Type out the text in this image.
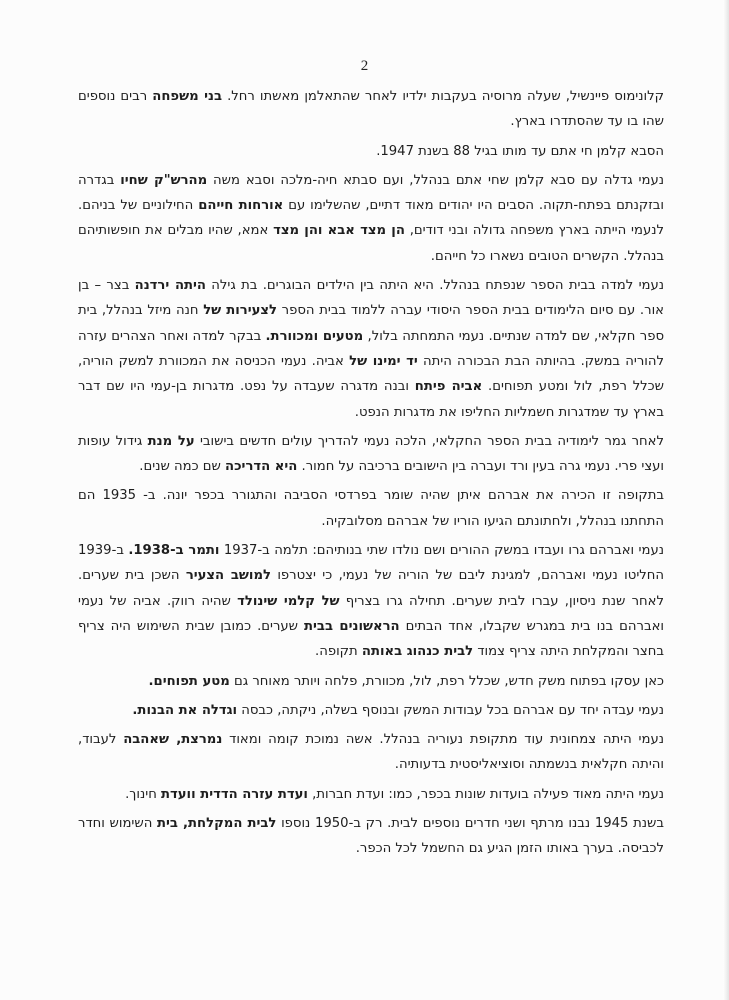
2

קלונימוס פיינשיל, שעלה מרוסיה בעקבות ילדיו לאחר שהתאלמן מאשתו רחל. בני משפחה רבים נוספים שהו בו עד שהסתדרו בארץ.

הסבא קלמן חי אתם עד מותו בגיל 88 בשנת 1947.

נעמי גדלה עם סבא קלמן שחי אתם בנהלל, ועם סבתא חיה-מלכה וסבא משה מהרש"ק שחיו בגדרה ובזקנתם בפתח-תקוה. הסבים היו יהודים מאוד דתיים, שהשלימו עם אורחות חייהם החילוניים של בניהם. לנעמי הייתה בארץ משפחה גדולה ובני דודים, הן מצד אבא והן מצד אמא, שהיו מבלים את חופשותיהם בנהלל. הקשרים הטובים נשארו כל חייהם.

נעמי למדה בבית הספר שנפתח בנהלל. היא היתה בין הילדים הבוגרים. בת גילה היתה ירדנה בצר – בן אור. עם סיום הלימודים בבית הספר היסודי עברה ללמוד בבית הספר לצעירות של חנה מיזל בנהלל, בית ספר חקלאי, שם למדה שנתיים. נעמי התמחתה בלול, מטעים ומכוורת. בבקר למדה ואחר הצהרים עזרה להוריה במשק. בהיותה הבת הבכורה היתה יד ימינו של אביה. נעמי הכניסה את המכוורת למשק הוריה, שכלל רפת, לול ומטע תפוחים. אביה פיתח ובנה מדגרה שעבדה על נפט. מדגרות בן-עמי היו שם דבר בארץ עד שמדגרות חשמליות החליפו את מדגרות הנפט.

לאחר גמר לימודיה בבית הספר החקלאי, הלכה נעמי להדריך עולים חדשים בישובי על מנת גידול עופות ועצי פרי. נעמי גרה בעין ורד ועברה בין הישובים ברכיבה על חמור. היא הדריכה שם כמה שנים.

בתקופה זו הכירה את אברהם איתן שהיה שומר בפרדסי הסביבה והתגורר בכפר יונה. ב- 1935 הם התחתנו בנהלל, ולחתונתם הגיעו הוריו של אברהם מסלובקיה.

נעמי ואברהם גרו ועבדו במשק ההורים ושם נולדו שתי בנותיהם: תלמה ב-1937 ותמר ב-1938. ב-1939 החליטו נעמי ואברהם, למגינת ליבם של הוריה של נעמי, כי יצטרפו למושב הצעיר השכן בית שערים. לאחר שנת ניסיון, עברו לבית שערים. תחילה גרו בצריף של קלמי שינולד שהיה רווק. אביה של נעמי ואברהם בנו בית במגרש שקבלו, אחד הבתים הראשונים בבית שערים. כמובן שבית השימוש היה צריף בחצר והמקלחת היתה צריף צמוד לבית כנהוג באותה תקופה.

כאן עסקו בפתוח משק חדש, שכלל רפת, לול, מכוורת, פלחה ויותר מאוחר גם מטע תפוחים.

נעמי עבדה יחד עם אברהם בכל עבודות המשק ובנוסף בשלה, ניקתה, כבסה וגדלה את הבנות.

נעמי היתה צמחונית עוד מתקופת נעוריה בנהלל. אשה נמוכת קומה ומאוד נמרצת, שאהבה לעבוד, והיתה חקלאית בנשמתה וסוציאליסטית בדעותיה.

נעמי היתה מאוד פעילה בועדות שונות בכפר, כמו: ועדת חברות, ועדת עזרה הדדית וועדת חינוך.

בשנת 1945 נבנו מרתף ושני חדרים נוספים לבית. רק ב-1950 נוספו לבית המקלחת, בית השימוש וחדר לכביסה. בערך באותו הזמן הגיע גם החשמל לכל הכפר.
